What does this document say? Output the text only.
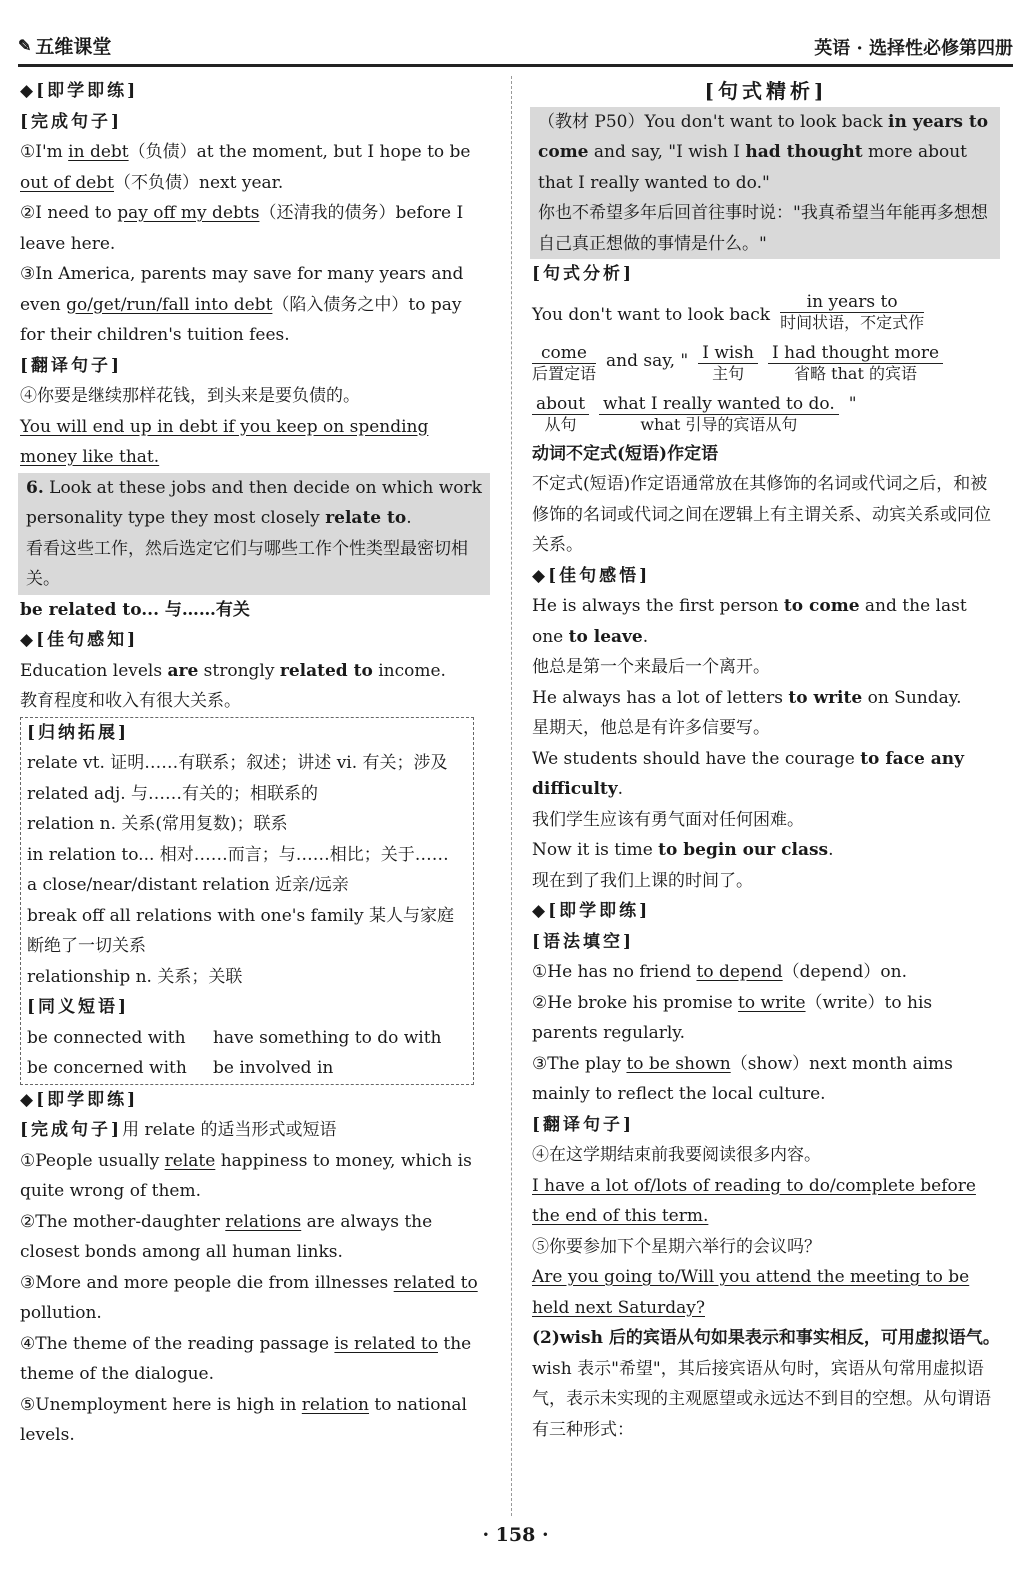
✎ 五维课堂	英语 · 选择性必修第四册

◆[即学即练]

[完成句子]

①I'm in debt（负债）at the moment, but I hope to be out of debt（不负债）next year.

②I need to pay off my debts（还清我的债务）before I leave here.

③In America, parents may save for many years and even go/get/run/fall into debt（陷入债务之中）to pay for their children's tuition fees.

[翻译句子]

④你要是继续那样花钱，到头来是要负债的。

You will end up in debt if you keep on spending money like that.

6. Look at these jobs and then decide on which work personality type they most closely relate to.

看看这些工作，然后选定它们与哪些工作个性类型最密切相关。

be related to... 与……有关

◆[佳句感知]

Education levels are strongly related to income.

教育程度和收入有很大关系。

[归纳拓展]

relate vt. 证明……有联系；叙述；讲述 vi. 有关；涉及

related adj. 与……有关的；相联系的

relation n. 关系(常用复数)；联系

in relation to... 相对……而言；与……相比；关于……

a close/near/distant relation 近亲/远亲

break off all relations with one's family 某人与家庭断绝了一切关系

relationship n. 关系；关联

[同义短语]

be connected with have something to do with

be concerned with be involved in

◆[即学即练]

[完成句子]用 relate 的适当形式或短语

①People usually relate happiness to money, which is quite wrong of them.

②The mother-daughter relations are always the closest bonds among all human links.

③More and more people die from illnesses related to pollution.

④The theme of the reading passage is related to the theme of the dialogue.

⑤Unemployment here is high in relation to national levels.

[句式精析]

（教材 P50）You don't want to look back in years to come and say, "I wish I had thought more about that I really wanted to do."

你也不希望多年后回首往事时说："我真希望当年能再多想想自己真正想做的事情是什么。"

[句式分析]

You don't want to look back
in years to
时间状语，不定式作
come
后置定语
and say, " I wish
主句
I had thought more
省略 that 的宾语
about
从句
what I really wanted to do.
what 引导的宾语从句
"

动词不定式(短语)作定语

不定式(短语)作定语通常放在其修饰的名词或代词之后，和被修饰的名词或代词之间在逻辑上有主谓关系、动宾关系或同位关系。

◆[佳句感悟]

He is always the first person to come and the last one to leave.

他总是第一个来最后一个离开。

He always has a lot of letters to write on Sunday.

星期天，他总是有许多信要写。

We students should have the courage to face any difficulty.

我们学生应该有勇气面对任何困难。

Now it is time to begin our class.

现在到了我们上课的时间了。

◆[即学即练]

[语法填空]

①He has no friend to depend（depend）on.

②He broke his promise to write（write）to his parents regularly.

③The play to be shown（show）next month aims mainly to reflect the local culture.

[翻译句子]

④在这学期结束前我要阅读很多内容。

I have a lot of/lots of reading to do/complete before the end of this term.

⑤你要参加下个星期六举行的会议吗？

Are you going to/Will you attend the meeting to be held next Saturday?

(2)wish 后的宾语从句如果表示和事实相反，可用虚拟语气。

wish 表示"希望"，其后接宾语从句时，宾语从句常用虚拟语气，表示未实现的主观愿望或永远达不到目的空想。从句谓语有三种形式：

· 158 ·
